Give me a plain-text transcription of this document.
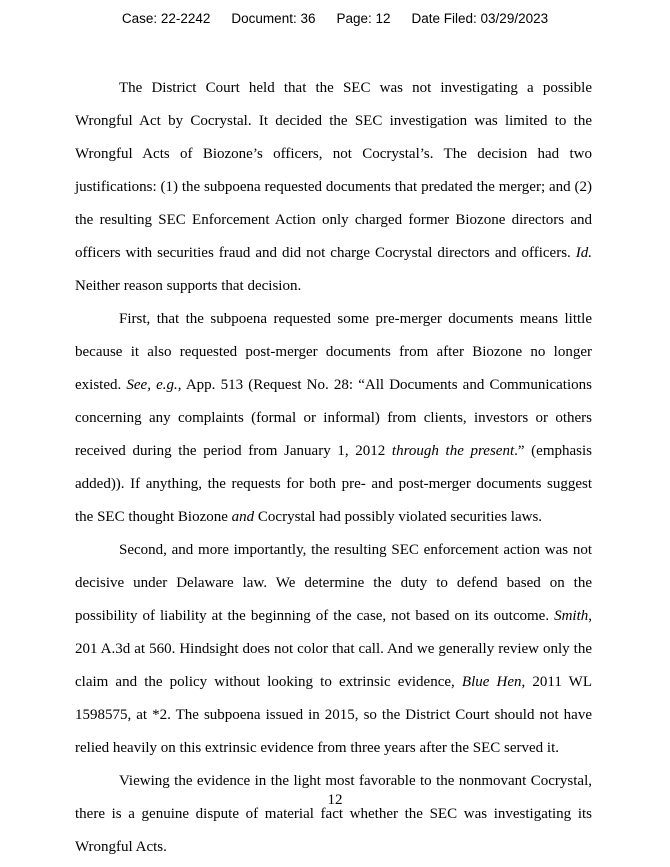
Case: 22-2242 Document: 36 Page: 12 Date Filed: 03/29/2023

The District Court held that the SEC was not investigating a possible Wrongful Act by Cocrystal. It decided the SEC investigation was limited to the Wrongful Acts of Biozone’s officers, not Cocrystal’s. The decision had two justifications: (1) the subpoena requested documents that predated the merger; and (2) the resulting SEC Enforcement Action only charged former Biozone directors and officers with securities fraud and did not charge Cocrystal directors and officers. Id. Neither reason supports that decision.

First, that the subpoena requested some pre-merger documents means little because it also requested post-merger documents from after Biozone no longer existed. See, e.g., App. 513 (Request No. 28: “All Documents and Communications concerning any complaints (formal or informal) from clients, investors or others received during the period from January 1, 2012 through the present.” (emphasis added)). If anything, the requests for both pre- and post-merger documents suggest the SEC thought Biozone and Cocrystal had possibly violated securities laws.

Second, and more importantly, the resulting SEC enforcement action was not decisive under Delaware law. We determine the duty to defend based on the possibility of liability at the beginning of the case, not based on its outcome. Smith, 201 A.3d at 560. Hindsight does not color that call. And we generally review only the claim and the policy without looking to extrinsic evidence, Blue Hen, 2011 WL 1598575, at *2. The subpoena issued in 2015, so the District Court should not have relied heavily on this extrinsic evidence from three years after the SEC served it.

Viewing the evidence in the light most favorable to the nonmovant Cocrystal, there is a genuine dispute of material fact whether the SEC was investigating its Wrongful Acts.

12
